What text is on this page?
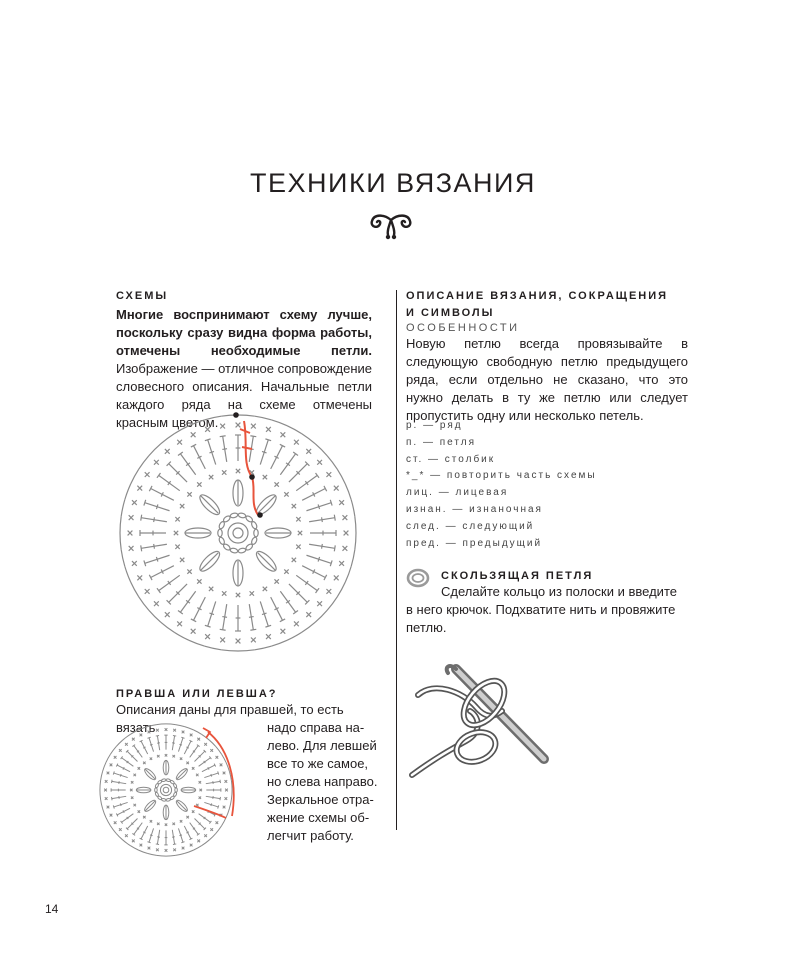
ТЕХНИКИ ВЯЗАНИЯ
СХЕМЫ
Многие воспринимают схему лучше, поскольку сразу видна форма работы, отмечены необходимые петли. Изображение — отличное сопровождение словесного описания. Начальные петли каждого ряда на схеме отмечены красным цветом.
ПРАВША ИЛИ ЛЕВША?
Описания даны для правшей, то есть вязать	надо справа на-
лево. Для левшей
все то же самое,
но слева направо.
Зеркальное отра-
жение схемы об-
легчит работу.
ОПИСАНИЕ ВЯЗАНИЯ, СОКРАЩЕНИЯ
И СИМВОЛЫ
ОСОБЕННОСТИ
Новую петлю всегда провязывайте в следующую свободную петлю предыдущего ряда, если отдельно не сказано, что это нужно делать в ту же петлю или следует пропустить одну или несколько петель.
р. — ряд
п. — петля
ст. — столбик
*_* — повторить часть схемы
лиц. — лицевая
изнан. — изнаночная
след. — следующий
пред. — предыдущий
СКОЛЬЗЯЩАЯ ПЕТЛЯ
Сделайте кольцо из полоски и введите
в него крючок. Подхватите нить и провяжите петлю.
14
